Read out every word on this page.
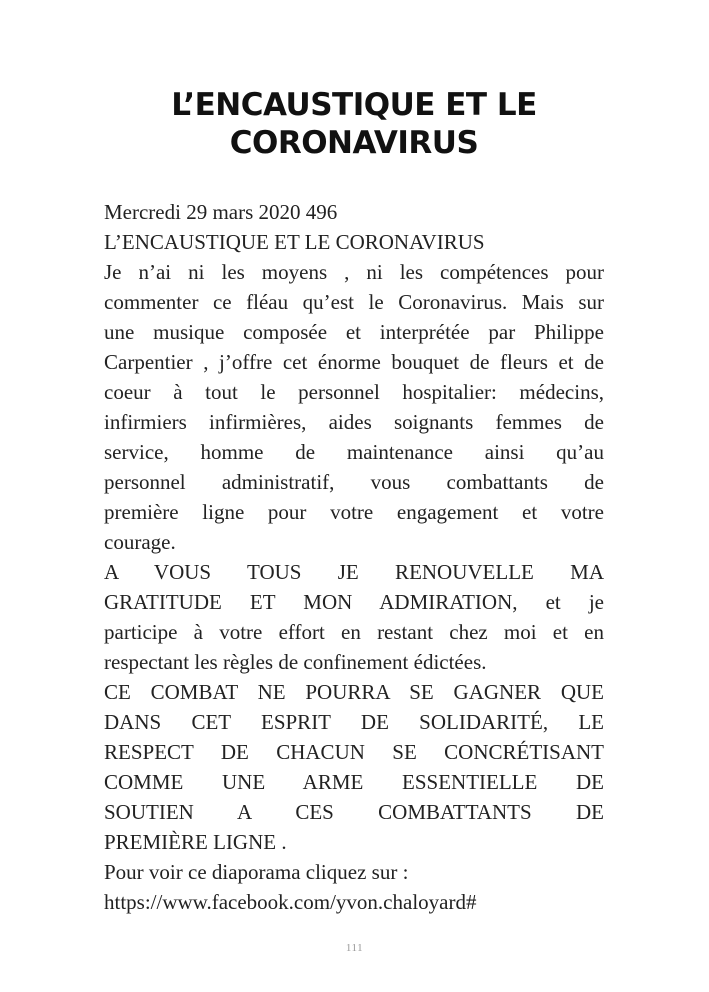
L’ENCAUSTIQUE ET LE
CORONAVIRUS
Mercredi 29 mars 2020 496
L’ENCAUSTIQUE ET LE CORONAVIRUS
Je n’ai ni les moyens , ni les compétences pour
commenter ce fléau qu’est le Coronavirus. Mais sur
une musique composée et interprétée par Philippe
Carpentier , j’offre cet énorme bouquet de fleurs et de
coeur à tout le personnel hospitalier: médecins,
infirmiers infirmières, aides soignants femmes de
service, homme de maintenance ainsi qu’au
personnel administratif, vous combattants de
première ligne pour votre engagement et votre
courage.
A VOUS TOUS JE RENOUVELLE MA
GRATITUDE ET MON ADMIRATION, et je
participe à votre effort en restant chez moi et en
respectant les règles de confinement édictées.
CE COMBAT NE POURRA SE GAGNER QUE
DANS CET ESPRIT DE SOLIDARITÉ, LE
RESPECT DE CHACUN SE CONCRÉTISANT
COMME UNE ARME ESSENTIELLE DE
SOUTIEN A CES COMBATTANTS DE
PREMIÈRE LIGNE .
Pour voir ce diaporama cliquez sur :
https://www.facebook.com/yvon.chaloyard#
111
